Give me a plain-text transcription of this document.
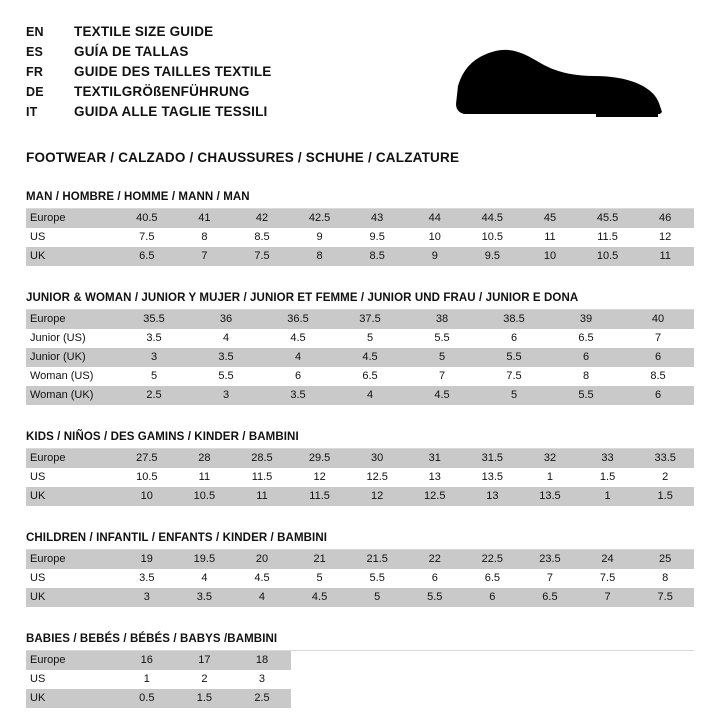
EN	TEXTILE SIZE GUIDE
ES	GUÍA DE TALLAS
FR	GUIDE DES TAILLES TEXTILE
DE	TEXTILGRÖßENFÜHRUNG
IT	GUIDA ALLE TAGLIE TESSILI
FOOTWEAR / CALZADO / CHAUSSURES / SCHUHE / CALZATURE
MAN / HOMBRE / HOMME / MANN / MAN
Europe	40.5	41	42	42.5	43	44	44.5	45	45.5	46
US	7.5	8	8.5	9	9.5	10	10.5	11	11.5	12
UK	6.5	7	7.5	8	8.5	9	9.5	10	10.5	11
JUNIOR & WOMAN / JUNIOR Y MUJER / JUNIOR ET FEMME / JUNIOR UND FRAU / JUNIOR E DONA
Europe	35.5	36	36.5	37.5	38	38.5	39	40
Junior (US)	3.5	4	4.5	5	5.5	6	6.5	7
Junior (UK)	3	3.5	4	4.5	5	5.5	6	6
Woman (US)	5	5.5	6	6.5	7	7.5	8	8.5
Woman (UK)	2.5	3	3.5	4	4.5	5	5.5	6
KIDS / NIÑOS / DES GAMINS / KINDER / BAMBINI
Europe	27.5	28	28.5	29.5	30	31	31.5	32	33	33.5
US	10.5	11	11.5	12	12.5	13	13.5	1	1.5	2
UK	10	10.5	11	11.5	12	12.5	13	13.5	1	1.5
CHILDREN / INFANTIL / ENFANTS / KINDER / BAMBINI
Europe	19	19.5	20	21	21.5	22	22.5	23.5	24	25
US	3.5	4	4.5	5	5.5	6	6.5	7	7.5	8
UK	3	3.5	4	4.5	5	5.5	6	6.5	7	7.5
BABIES / BEBÉS / BÉBÉS / BABYS /BAMBINI
Europe	16	17	18							
US	1	2	3							
UK	0.5	1.5	2.5							
